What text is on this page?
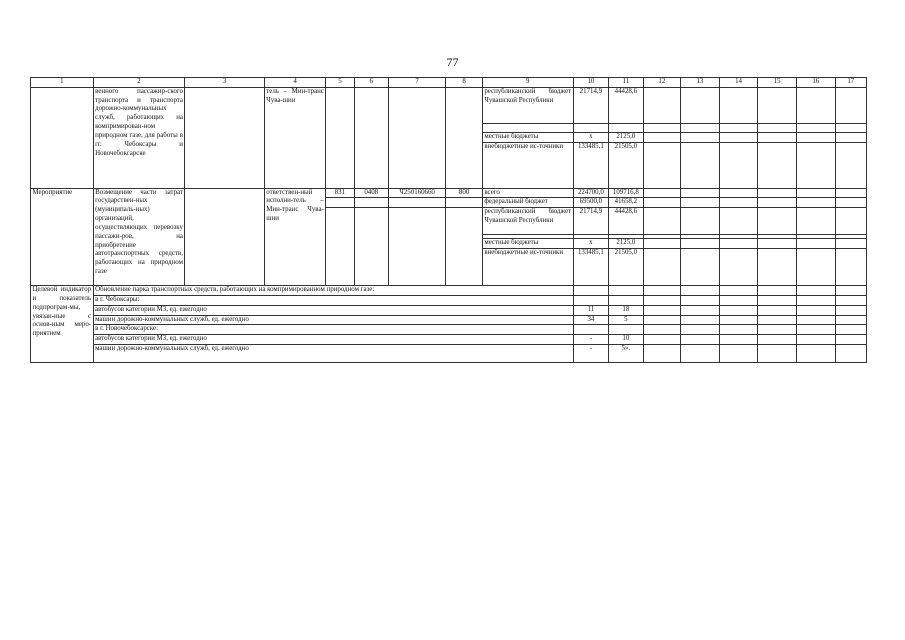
77
1	2	3	4	5	6	7	8	9	10	11	12	13	14	15	16	17
	венного пассажир-ского транспорта и транспорта дорожно-коммунальных служб, работающих на компримирован-ном природном газе, для работы в гг. Чебоксары и Новочебоксарске		тель – Мин-транс Чува-шии					республиканский бюджет Чувашской Республики	21714,9	44428,6						

								местные бюджеты	х	2125,0						
								внебюджетные ис-точники	133485,1	21505,0						
Мероприятие	Возмещение части затрат государствен-ных (муниципаль-ных) организаций, осуществляющих перевозку пассажи-ров, на приобретение автотранспортных средств, работающих на природном газе		ответствен-ный исполни-тель – Мин-транс Чува-шии	831	0408	Ч250160660	800	всего	224700,0	109716,8						
								федеральный бюджет	69500,0	41658,2						
								республиканский бюджет Чувашской Республики	21714,9	44428,6						

								местные бюджеты	х	2125,0						
								внебюджетные ис-точники	133485,1	21505,0						
Целевой индикатор и показатель подпрограм-мы, увязан-ные с основ-ным меро-приятием	Обновление парка транспортных средств, работающих на компримированном природном газе:															
	в г. Чебоксары:															
	автобусов категории М3, ед. ежегодно								11	18						
	машин дорожно-коммунальных служб, ед. ежегодно								34	5						
	в г. Новочебоксарске:															
	автобусов категории М3, ед. ежегодно								-	10						
	машин дорожно-коммунальных служб, ед. ежегодно								-	5».						
